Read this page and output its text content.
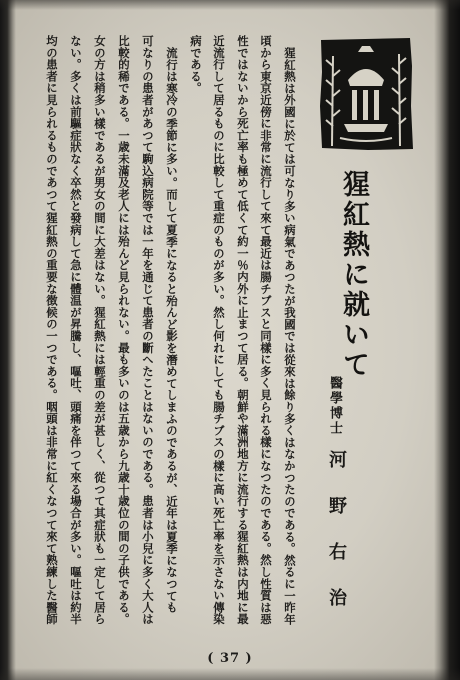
猩紅熱に就いて
醫學博士
河野右治
猩紅熱は外國に於ては可なり多い病氣であつたが我國では從來は餘り多くはなかつたのである。然るに一昨年
頃から東京近傍に非常に流行して來て最近は腸チブスと同樣に多く見られる樣になつたのである。然し性質は惡
性ではないから死亡率も極めて低くて約一％内外に止まつて居る。朝鮮や滿洲地方に流行する猩紅熱は内地に最
近流行して居るものに比較して重症のものが多い。然し何れにしても腸チブスの樣に高い死亡率を示さない傳染
病である。
流行は寒冷の季節に多い。而して夏季になると殆んど影を潛めてしまふのであるが、近年は夏季になつても
可なりの患者があつて駒込病院等では一年を通じて患者の斷へたことはないのである。患者は小兒に多く大人は
比較的稀である。一歳未滿及老人には殆んど見られない。最も多いのは五歳から九歳十歳位の間の子供である。
女の方は稍多い樣であるが男女の間に大差はない。猩紅熱には輕重の差が甚しく、從つて其症狀も一定して居ら
ない。多くは前驅症狀なく卒然と發病して急に體温が昇騰し、嘔吐、頭痛を伴つて來る場合が多い。嘔吐は約半
均の患者に見られるものであつて猩紅熱の重要な徴候の一つである。咽頭は非常に紅くなつて來て熟練した醫師
( 37 )
